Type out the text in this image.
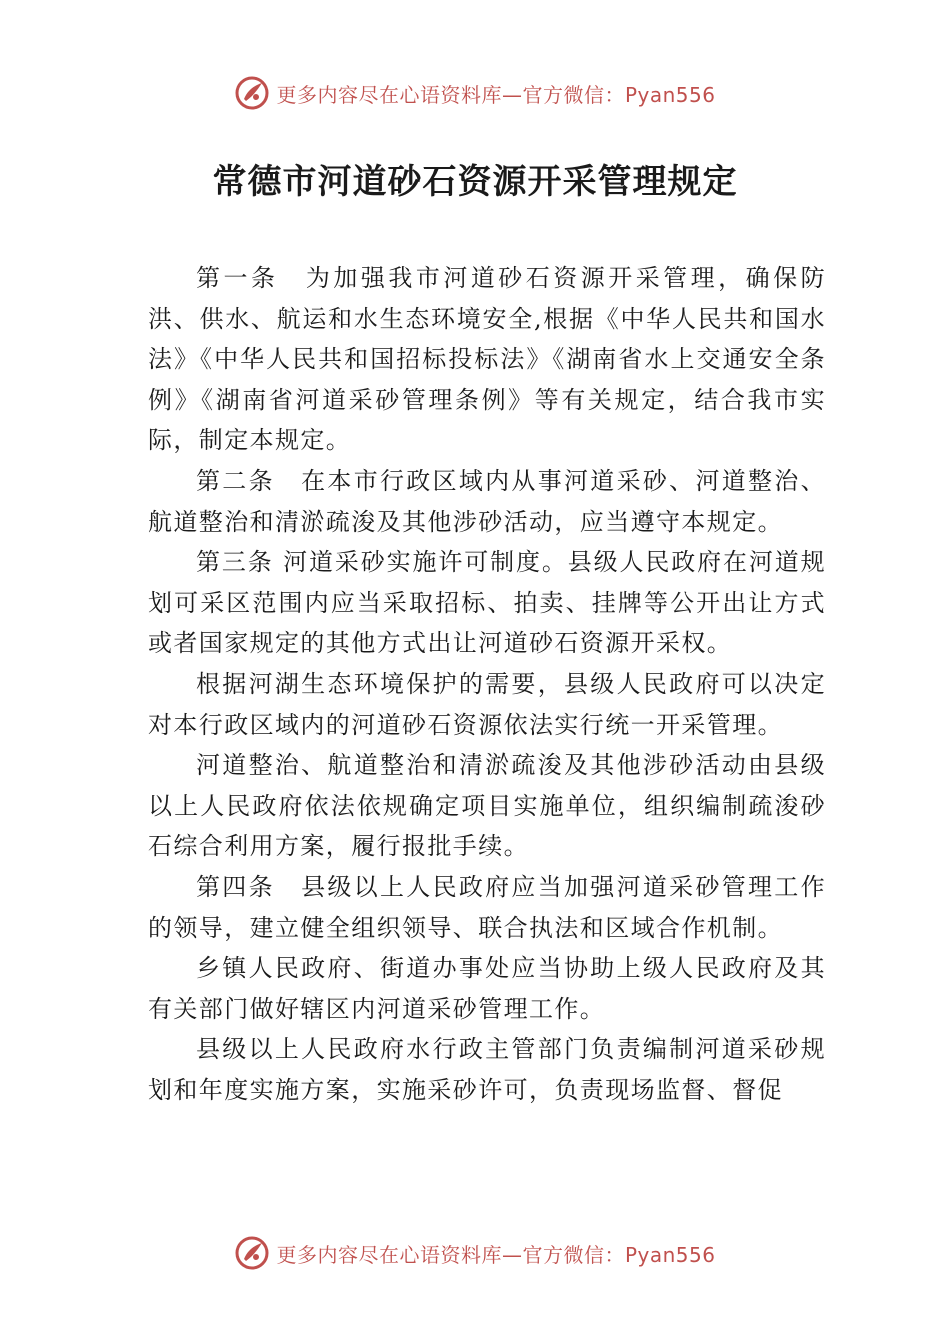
更多内容尽在心语资料库—官方微信：Pyan556
常德市河道砂石资源开采管理规定

第一条　为加强我市河道砂石资源开采管理，确保防洪、供水、航运和水生态环境安全,根据《中华人民共和国水法》《中华人民共和国招标投标法》《湖南省水上交通安全条例》《湖南省河道采砂管理条例》等有关规定，结合我市实际，制定本规定。

第二条　在本市行政区域内从事河道采砂、河道整治、航道整治和清淤疏浚及其他涉砂活动，应当遵守本规定。

第三条 河道采砂实施许可制度。县级人民政府在河道规划可采区范围内应当采取招标、拍卖、挂牌等公开出让方式或者国家规定的其他方式出让河道砂石资源开采权。

根据河湖生态环境保护的需要，县级人民政府可以决定对本行政区域内的河道砂石资源依法实行统一开采管理。

河道整治、航道整治和清淤疏浚及其他涉砂活动由县级以上人民政府依法依规确定项目实施单位，组织编制疏浚砂石综合利用方案，履行报批手续。

第四条　县级以上人民政府应当加强河道采砂管理工作的领导，建立健全组织领导、联合执法和区域合作机制。

乡镇人民政府、街道办事处应当协助上级人民政府及其有关部门做好辖区内河道采砂管理工作。

县级以上人民政府水行政主管部门负责编制河道采砂规划和年度实施方案，实施采砂许可，负责现场监督、督促

更多内容尽在心语资料库—官方微信：Pyan556
